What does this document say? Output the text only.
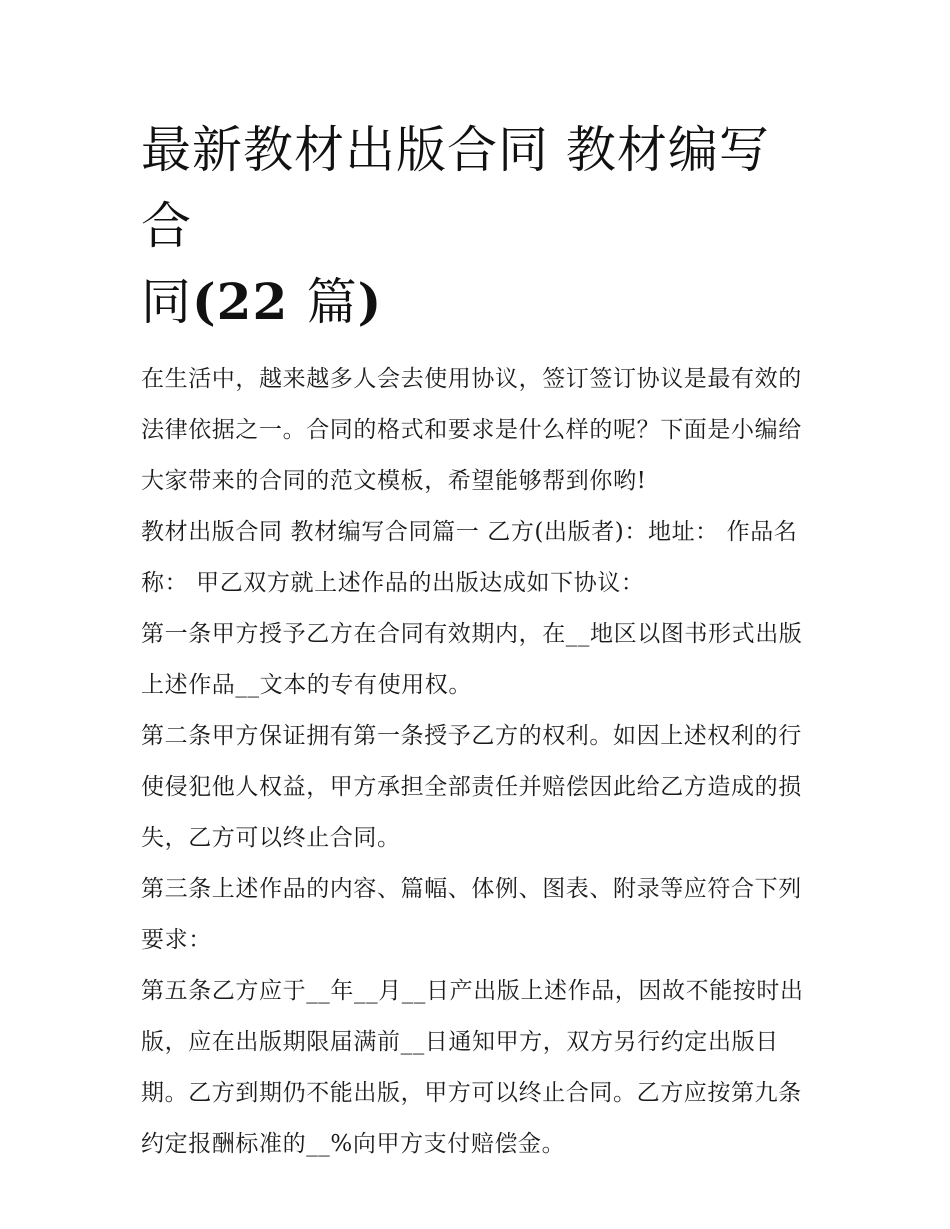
最新教材出版合同 教材编写合
同(22 篇)

在生活中，越来越多人会去使用协议，签订签订协议是最有效的法律依据之一。合同的格式和要求是什么样的呢？下面是小编给大家带来的合同的范文模板，希望能够帮到你哟!

教材出版合同 教材编写合同篇一 乙方(出版者)：地址： 作品名称： 甲乙双方就上述作品的出版达成如下协议：

第一条甲方授予乙方在合同有效期内，在__地区以图书形式出版上述作品__文本的专有使用权。

第二条甲方保证拥有第一条授予乙方的权利。如因上述权利的行使侵犯他人权益，甲方承担全部责任并赔偿因此给乙方造成的损失，乙方可以终止合同。

第三条上述作品的内容、篇幅、体例、图表、附录等应符合下列要求：

第五条乙方应于__年__月__日产出版上述作品，因故不能按时出版，应在出版期限届满前__日通知甲方，双方另行约定出版日期。乙方到期仍不能出版，甲方可以终止合同。乙方应按第九条约定报酬标准的__%向甲方支付赔偿金。
